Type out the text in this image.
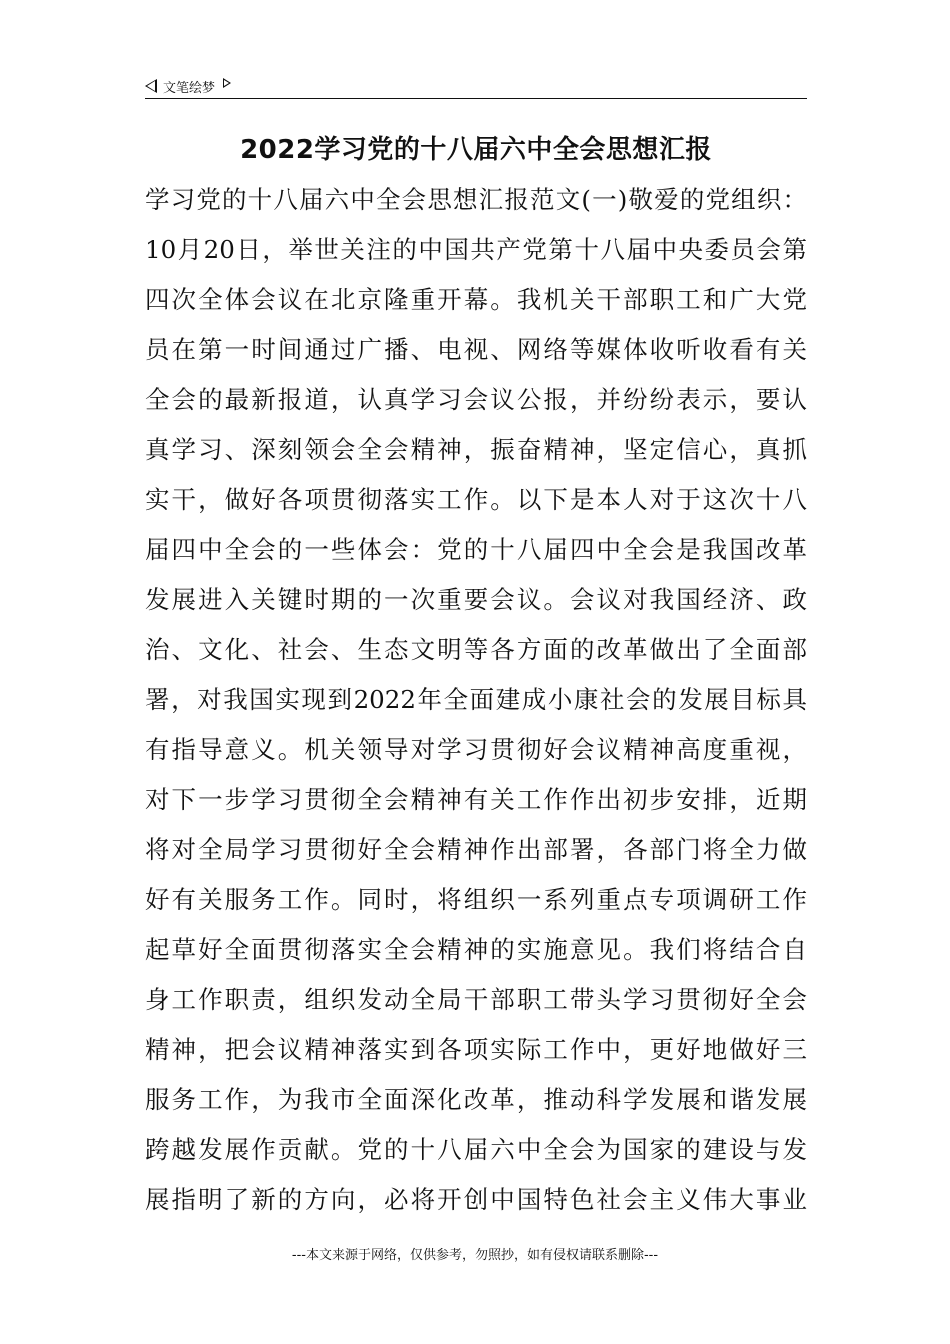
文笔绘梦
2022学习党的十八届六中全会思想汇报
学习党的十八届六中全会思想汇报范文(一)敬爱的党组织：
10月20日，举世关注的中国共产党第十八届中央委员会第
四次全体会议在北京隆重开幕。我机关干部职工和广大党
员在第一时间通过广播、电视、网络等媒体收听收看有关
全会的最新报道，认真学习会议公报，并纷纷表示，要认
真学习、深刻领会全会精神，振奋精神，坚定信心，真抓
实干，做好各项贯彻落实工作。以下是本人对于这次十八
届四中全会的一些体会：党的十八届四中全会是我国改革
发展进入关键时期的一次重要会议。会议对我国经济、政
治、文化、社会、生态文明等各方面的改革做出了全面部
署，对我国实现到2022年全面建成小康社会的发展目标具
有指导意义。机关领导对学习贯彻好会议精神高度重视，
对下一步学习贯彻全会精神有关工作作出初步安排，近期
将对全局学习贯彻好全会精神作出部署，各部门将全力做
好有关服务工作。同时，将组织一系列重点专项调研工作
起草好全面贯彻落实全会精神的实施意见。我们将结合自
身工作职责，组织发动全局干部职工带头学习贯彻好全会
精神，把会议精神落实到各项实际工作中，更好地做好三
服务工作，为我市全面深化改革，推动科学发展和谐发展
跨越发展作贡献。党的十八届六中全会为国家的建设与发
展指明了新的方向，必将开创中国特色社会主义伟大事业
---本文来源于网络，仅供参考，勿照抄，如有侵权请联系删除---
